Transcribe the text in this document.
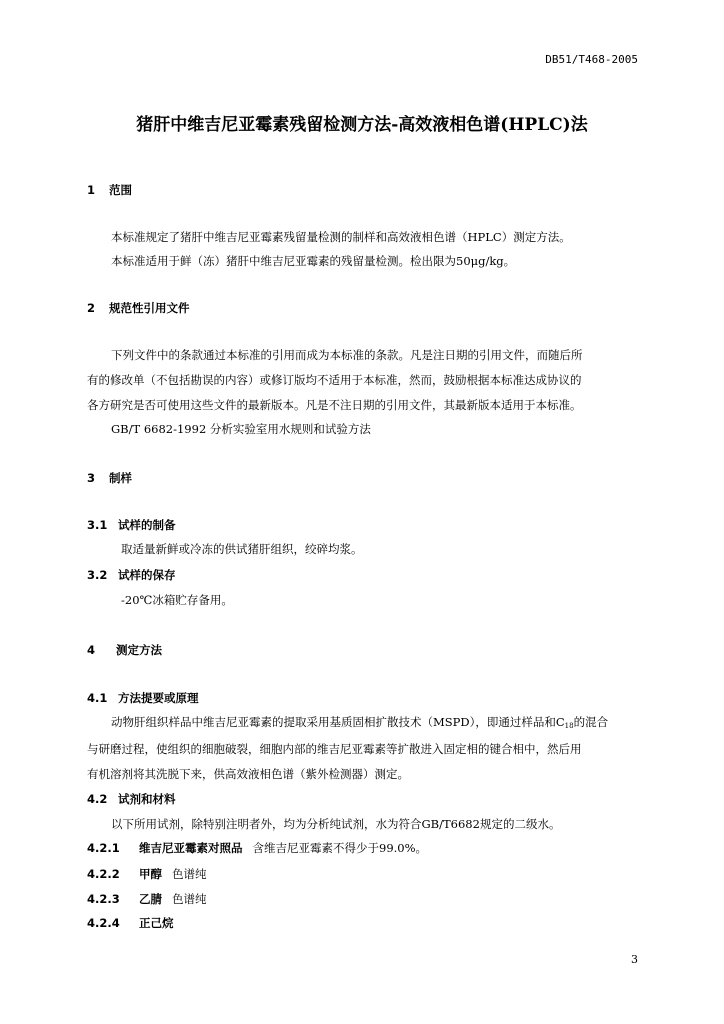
DB51/T468-2005
猪肝中维吉尼亚霉素残留检测方法-高效液相色谱(HPLC)法
1 范围
本标准规定了猪肝中维吉尼亚霉素残留量检测的制样和高效液相色谱（HPLC）测定方法。
本标准适用于鲜（冻）猪肝中维吉尼亚霉素的残留量检测。检出限为50μg/kg。
2 规范性引用文件
下列文件中的条款通过本标准的引用而成为本标准的条款。凡是注日期的引用文件，而随后所
有的修改单（不包括勘误的内容）或修订版均不适用于本标准，然而，鼓励根据本标准达成协议的
各方研究是否可使用这些文件的最新版本。凡是不注日期的引用文件，其最新版本适用于本标准。
GB/T 6682-1992 分析实验室用水规则和试验方法
3 制样
3.1 试样的制备
取适量新鲜或冷冻的供试猪肝组织，绞碎均浆。
3.2 试样的保存
-20℃冰箱贮存备用。
4 测定方法
4.1 方法提要或原理
动物肝组织样品中维吉尼亚霉素的提取采用基质固相扩散技术（MSPD），即通过样品和$C_{18}$的混合
与研磨过程，使组织的细胞破裂，细胞内部的维吉尼亚霉素等扩散进入固定相的键合相中，然后用
有机溶剂将其洗脱下来，供高效液相色谱（紫外检测器）测定。
4.2 试剂和材料
以下所用试剂，除特别注明者外，均为分析纯试剂，水为符合GB/T6682规定的二级水。
4.2.1 维吉尼亚霉素对照品 含维吉尼亚霉素不得少于99.0%。
4.2.2 甲醇 色谱纯
4.2.3 乙腈 色谱纯
4.2.4 正己烷
3
